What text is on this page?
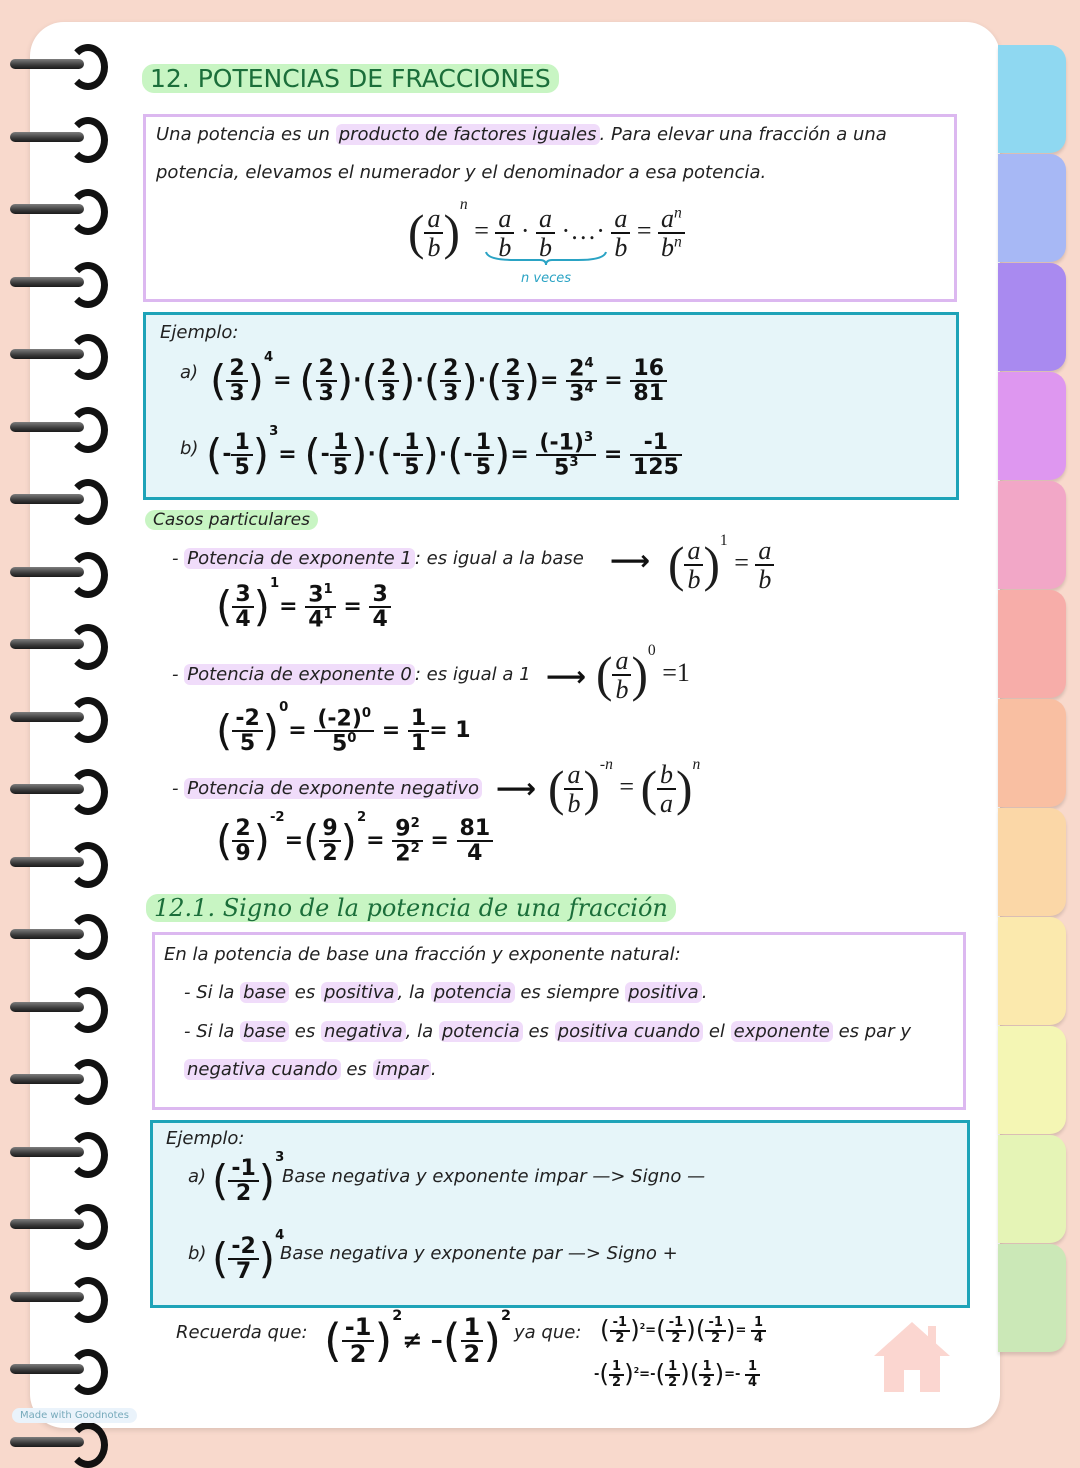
12. POTENCIAS DE FRACCIONES
Una potencia es un producto de factores iguales . Para elevar una fracción a una
potencia, elevamos el numerador y el denominador a esa potencia.
( $\frac{a}{b} )^n = \frac{a}{b} \cdot \frac{a}{b}$ ·…· $\frac{a}{b} = \frac{a^n}{b^n}$
n veces
Ejemplo:
a) ( $\frac{2}{3} )^4=$ ( $\frac{2}{3}$ )·( $\frac{2}{3}$ )·( $\frac{2}{3}$ )·( $\frac{2}{3}$ )= $\frac{2^4}{3^4} = \frac{16}{81}$
b) (- $\frac{1}{5} )^3=$ (- $\frac{1}{5}$ )·(- $\frac{1}{5}$ )·(- $\frac{1}{5}$ )= $\frac{(-1)^3}{5^3} = \frac{-1}{125}$
Casos particulares
- Potencia de exponente 1 : es igual a la base ⟶ ( $\frac{a}{b} )^1 = \frac{a}{b}$
( $\frac{3}{4} )^1= \frac{3^1}{4^1} = \frac{3}{4}$
- Potencia de exponente 0 : es igual a 1 ⟶ ( $\frac{a}{b} )^0 =1$
( $\frac{-2}{5} )^0= \frac{(-2)^0}{5^0} = \frac{1}{1} = 1$
- Potencia de exponente negativo ⟶ ( $\frac{a}{b} )^{-n}$ = ( $\frac{b}{a} )^n$
( $\frac{2}{9} )^{-2}=( \frac{9}{2} )^2= \frac{9^2}{2^2} = \frac{81}{4}$
12.1. Signo de la potencia de una fracción
En la potencia de base una fracción y exponente natural:
- Si la base es positiva , la potencia es siempre positiva .
- Si la base es negativa , la potencia es positiva cuando el exponente es par y
negativa cuando es impar .
Ejemplo:
a) ( $\frac{-1}{2} )^3$
Base negativa y exponente impar —> Signo —
b) ( $\frac{-2}{7} )^4$
Base negativa y exponente par —> Signo +
Recuerda que: ( $\frac{-1}{2} )^2\ne$ –( $\frac{1}{2} )^2$
ya que: ( $\frac{-1}{2} )^2=( \frac{-1}{2}$ )( $\frac{-1}{2}$ )= $\frac{1}{4}$
-( $\frac{1}{2} )^2=-( \frac{1}{2}$ )( $\frac{1}{2}$ )=- $\frac{1}{4}$
Made with Goodnotes
